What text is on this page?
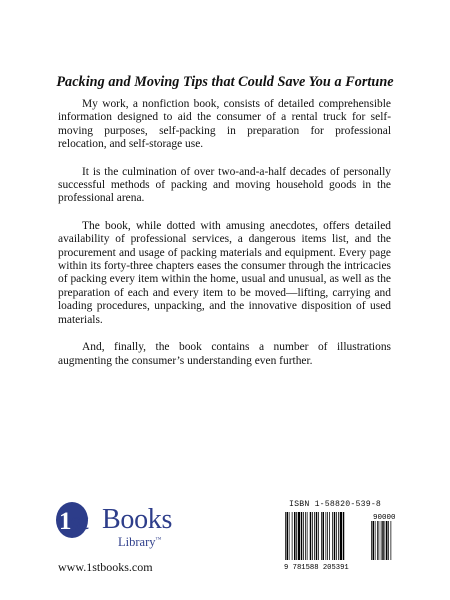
Packing and Moving Tips that Could Save You a Fortune

My work, a nonfiction book, consists of detailed comprehensible information designed to aid the consumer of a rental truck for self-moving purposes, self-packing in preparation for professional relocation, and self-storage use.

It is the culmination of over two-and-a-half decades of personally successful methods of packing and moving household goods in the professional arena.

The book, while dotted with amusing anecdotes, offers detailed availability of professional services, a dangerous items list, and the procurement and usage of packing materials and equipment. Every page within its forty-three chapters eases the consumer through the intricacies of packing every item within the home, usual and unusual, as well as the preparation of each and every item to be moved—lifting, carrying and loading procedures, unpacking, and the innovative disposition of used materials.

And, finally, the book contains a number of illustrations augmenting the consumer’s understanding even further.

1st Books
Library™
www.1stbooks.com
ISBN 1-58820-539-8
90000
9 781588 205391
